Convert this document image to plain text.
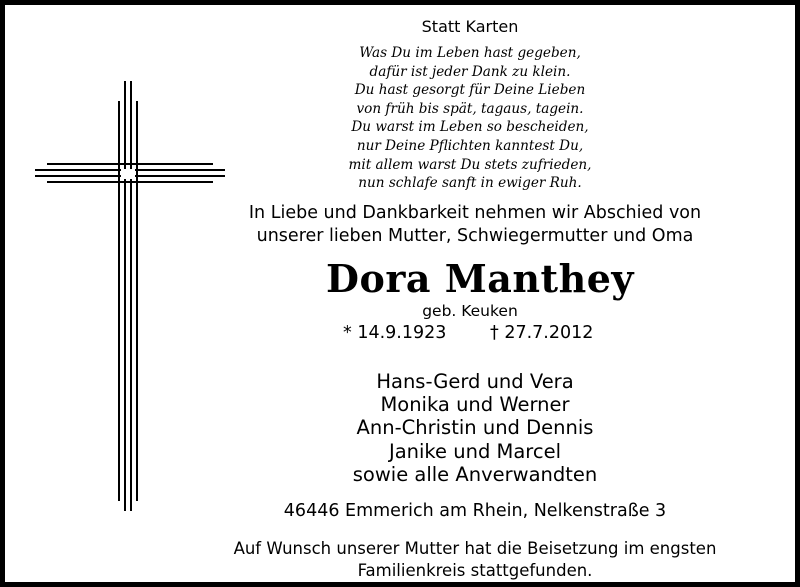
Statt Karten
Was Du im Leben hast gegeben,
dafür ist jeder Dank zu klein.
Du hast gesorgt für Deine Lieben
von früh bis spät, tagaus, tagein.
Du warst im Leben so bescheiden,
nur Deine Pflichten kanntest Du,
mit allem warst Du stets zufrieden,
nun schlafe sanft in ewiger Ruh.
In Liebe und Dankbarkeit nehmen wir Abschied von
unserer lieben Mutter, Schwiegermutter und Oma
Dora Manthey
geb. Keuken
* 14.9.1923 † 27.7.2012
Hans-Gerd und Vera
Monika und Werner
Ann-Christin und Dennis
Janike und Marcel
sowie alle Anverwandten
46446 Emmerich am Rhein, Nelkenstraße 3
Auf Wunsch unserer Mutter hat die Beisetzung im engsten
Familienkreis stattgefunden.
